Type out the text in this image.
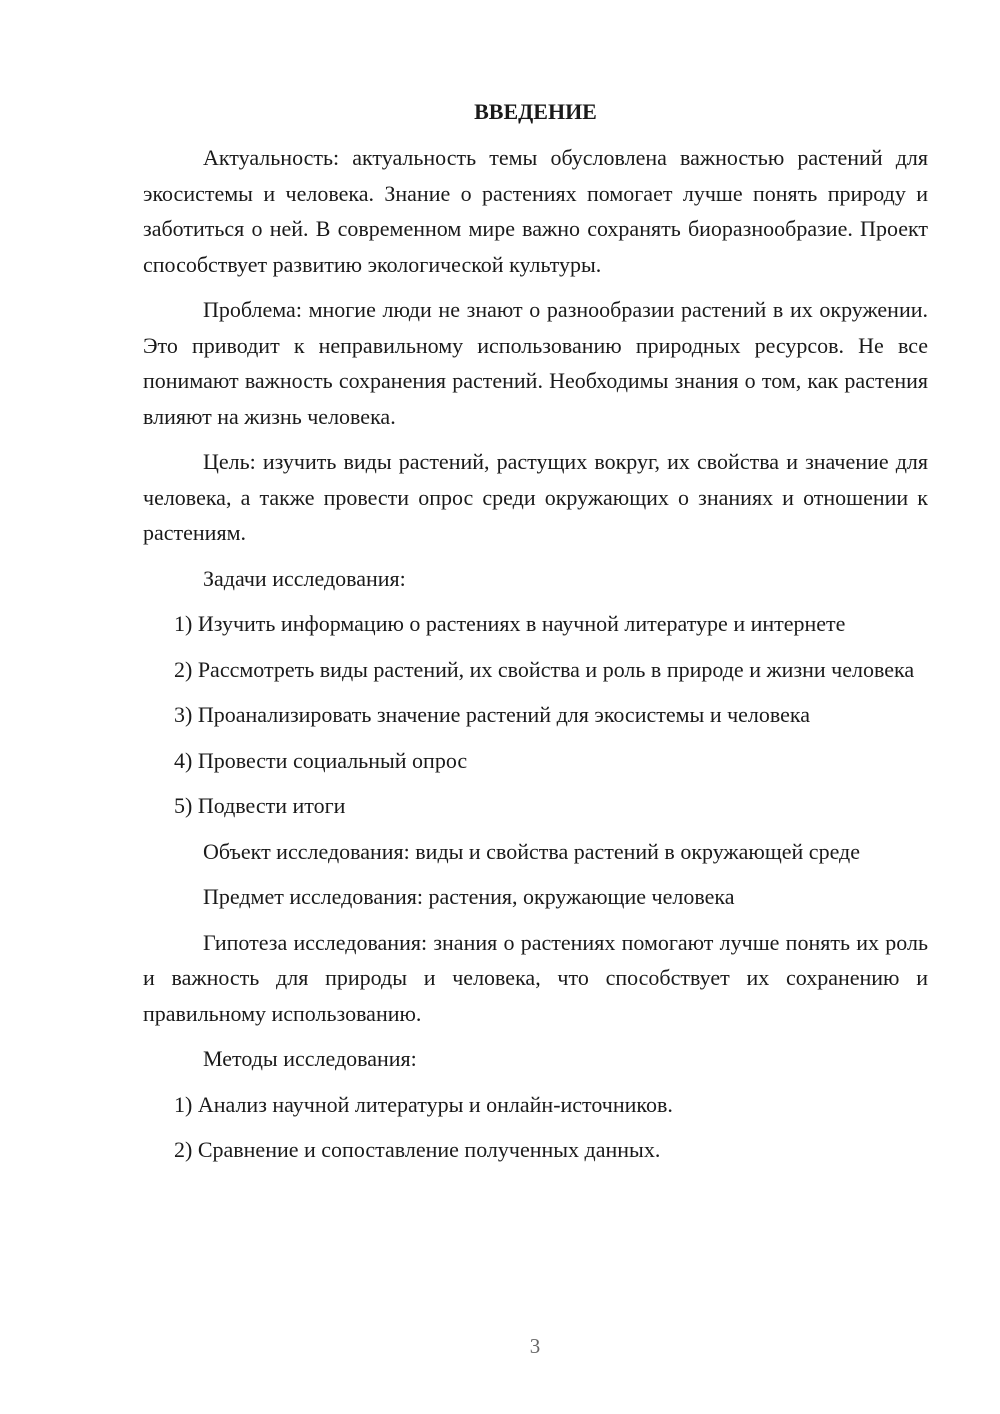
ВВЕДЕНИЕ

Актуальность: актуальность темы обусловлена важностью растений для экосистемы и человека. Знание о растениях помогает лучше понять природу и заботиться о ней. В современном мире важно сохранять биоразнообразие. Проект способствует развитию экологической культуры.

Проблема: многие люди не знают о разнообразии растений в их окружении. Это приводит к неправильному использованию природных ресурсов. Не все понимают важность сохранения растений. Необходимы знания о том, как растения влияют на жизнь человека.

Цель: изучить виды растений, растущих вокруг, их свойства и значение для человека, а также провести опрос среди окружающих о знаниях и отношении к растениям.

Задачи исследования:

1) Изучить информацию о растениях в научной литературе и интернете

2) Рассмотреть виды растений, их свойства и роль в природе и жизни человека

3) Проанализировать значение растений для экосистемы и человека

4) Провести социальный опрос

5) Подвести итоги

Объект исследования: виды и свойства растений в окружающей среде

Предмет исследования: растения, окружающие человека

Гипотеза исследования: знания о растениях помогают лучше понять их роль и важность для природы и человека, что способствует их сохранению и правильному использованию.

Методы исследования:

1) Анализ научной литературы и онлайн-источников.

2) Сравнение и сопоставление полученных данных.

3
